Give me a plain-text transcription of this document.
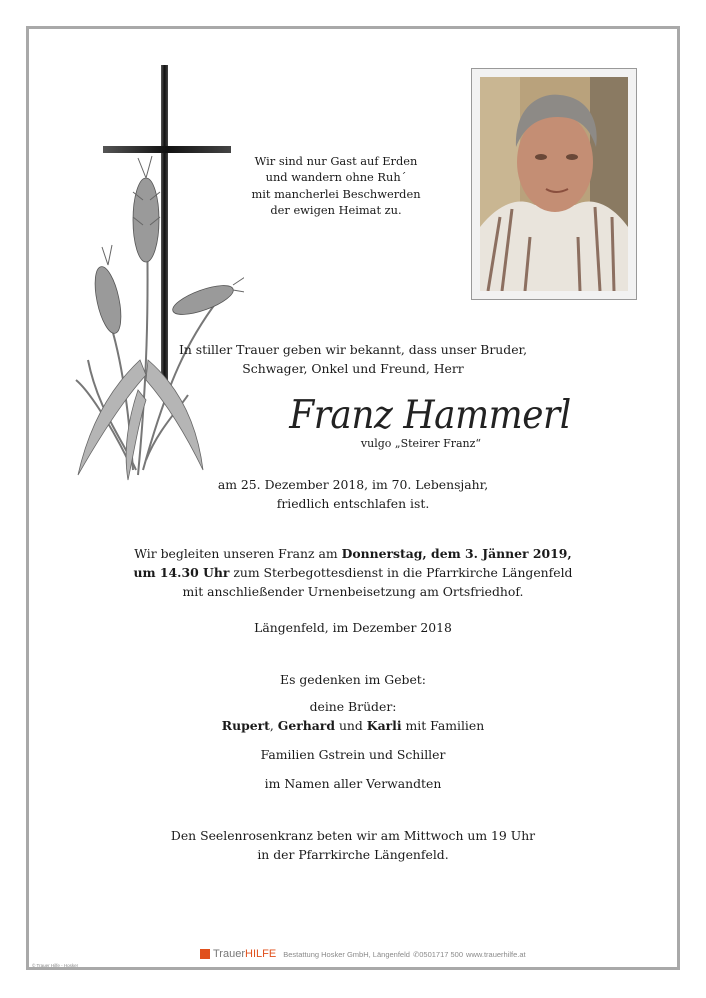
Wir sind nur Gast auf Erden
und wandern ohne Ruh´
mit mancherlei Beschwerden
der ewigen Heimat zu.
In stiller Trauer geben wir bekannt, dass unser Bruder,
Schwager, Onkel und Freund, Herr
Franz Hammerl
vulgo „Steirer Franz“
am 25. Dezember 2018, im 70. Lebensjahr,
friedlich entschlafen ist.
Wir begleiten unseren Franz am Donnerstag, dem 3. Jänner 2019,
um 14.30 Uhr zum Sterbegottesdienst in die Pfarrkirche Längenfeld
mit anschließender Urnenbeisetzung am Ortsfriedhof.
Längenfeld, im Dezember 2018
Es gedenken im Gebet:
deine Brüder:
Rupert, Gerhard und Karli mit Familien
Familien Gstrein und Schiller
im Namen aller Verwandten
Den Seelenrosenkranz beten wir am Mittwoch um 19 Uhr
in der Pfarrkirche Längenfeld.
TrauerHILFE Bestattung Hosker GmbH, Längenfeld ✆0501717 500 www.trauerhilfe.at
© Trauer Hilfe - Hosker
